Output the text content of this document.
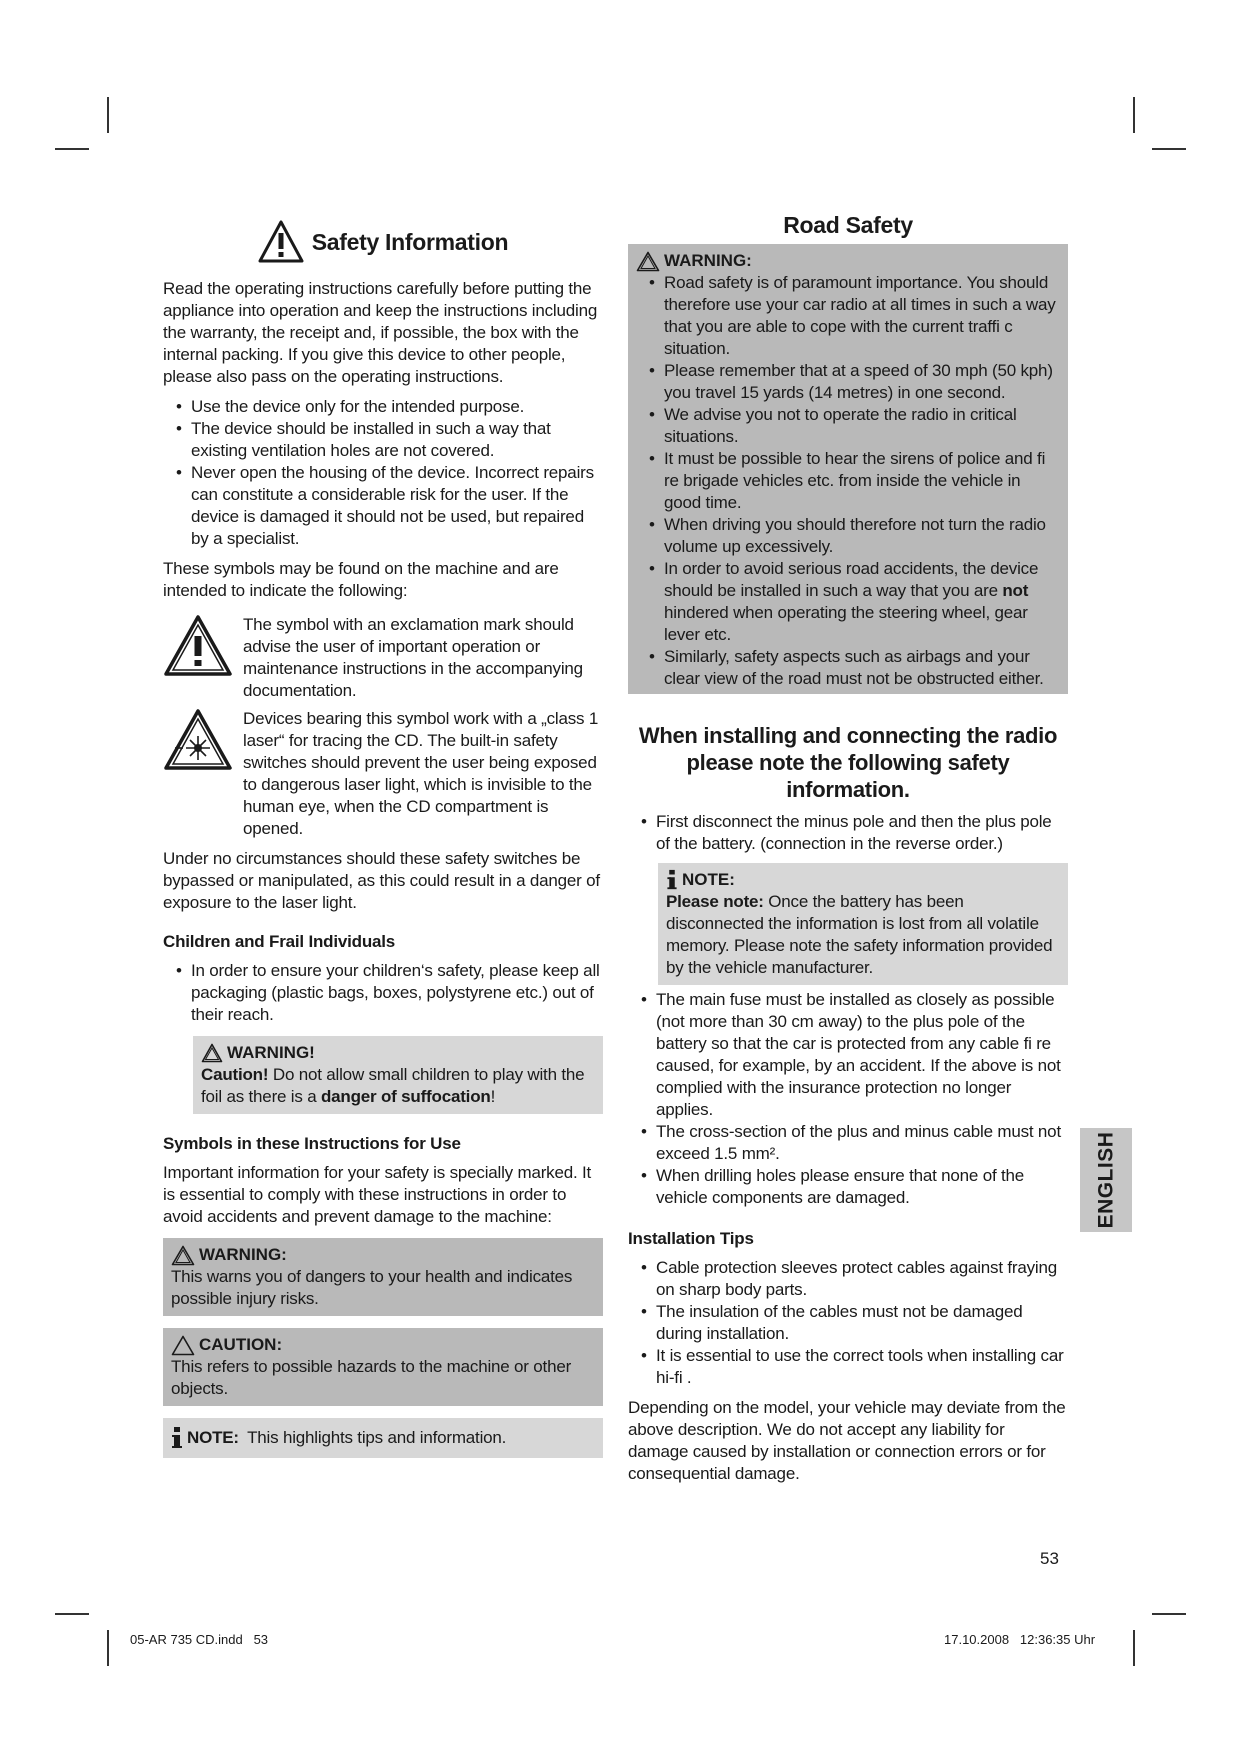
Safety Information

Read the operating instructions carefully before putting the appliance into operation and keep the instructions including the warranty, the receipt and, if possible, the box with the internal packing. If you give this device to other people, please also pass on the operating instructions.

• Use the device only for the intended purpose.
• The device should be installed in such a way that existing ventilation holes are not covered.
• Never open the housing of the device. Incorrect repairs can constitute a considerable risk for the user. If the device is damaged it should not be used, but repaired by a specialist.

These symbols may be found on the machine and are intended to indicate the following:

The symbol with an exclamation mark should advise the user of important operation or maintenance instructions in the accompanying documentation.

Devices bearing this symbol work with a „class 1 laser“ for tracing the CD. The built-in safety switches should prevent the user being exposed to dangerous laser light, which is invisible to the human eye, when the CD compartment is opened.

Under no circumstances should these safety switches be bypassed or manipulated, as this could result in a danger of exposure to the laser light.

Children and Frail Individuals
• In order to ensure your children‘s safety, please keep all packaging (plastic bags, boxes, polystyrene etc.) out of their reach.
WARNING!

Caution! Do not allow small children to play with the foil as there is a danger of suffocation!

Symbols in these Instructions for Use

Important information for your safety is specially marked. It is essential to comply with these instructions in order to avoid accidents and prevent damage to the machine:

WARNING:

This warns you of dangers to your health and indicates possible injury risks.

CAUTION:

This refers to possible hazards to the machine or other objects.

NOTE: This highlights tips and information.
Road Safety
WARNING:
• Road safety is of paramount importance. You should therefore use your car radio at all times in such a way that you are able to cope with the current traffi c situation.
• Please remember that at a speed of 30 mph (50 kph) you travel 15 yards (14 metres) in one second.
• We advise you not to operate the radio in critical situations.
• It must be possible to hear the sirens of police and fi re brigade vehicles etc. from inside the vehicle in good time.
• When driving you should therefore not turn the radio volume up excessively.
• In order to avoid serious road accidents, the device should be installed in such a way that you are not hindered when operating the steering wheel, gear lever etc.
• Similarly, safety aspects such as airbags and your clear view of the road must not be obstructed either.
When installing and connecting the radio please note the following safety information.
• First disconnect the minus pole and then the plus pole of the battery. (connection in the reverse order.)
NOTE:

Please note: Once the battery has been disconnected the information is lost from all volatile memory. Please note the safety information provided by the vehicle manufacturer.

• The main fuse must be installed as closely as possible (not more than 30 cm away) to the plus pole of the battery so that the car is protected from any cable fi re caused, for example, by an accident. If the above is not complied with the insurance protection no longer applies.
• The cross-section of the plus and minus cable must not exceed 1.5 mm².
• When drilling holes please ensure that none of the vehicle components are damaged.
Installation Tips
• Cable protection sleeves protect cables against fraying on sharp body parts.
• The insulation of the cables must not be damaged during installation.
• It is essential to use the correct tools when installing car hi-fi .

Depending on the model, your vehicle may deviate from the above description. We do not accept any liability for damage caused by installation or connection errors or for consequential damage.

ENGLISH
53
05-AR 735 CD.indd   53	17.10.2008   12:36:35 Uhr
